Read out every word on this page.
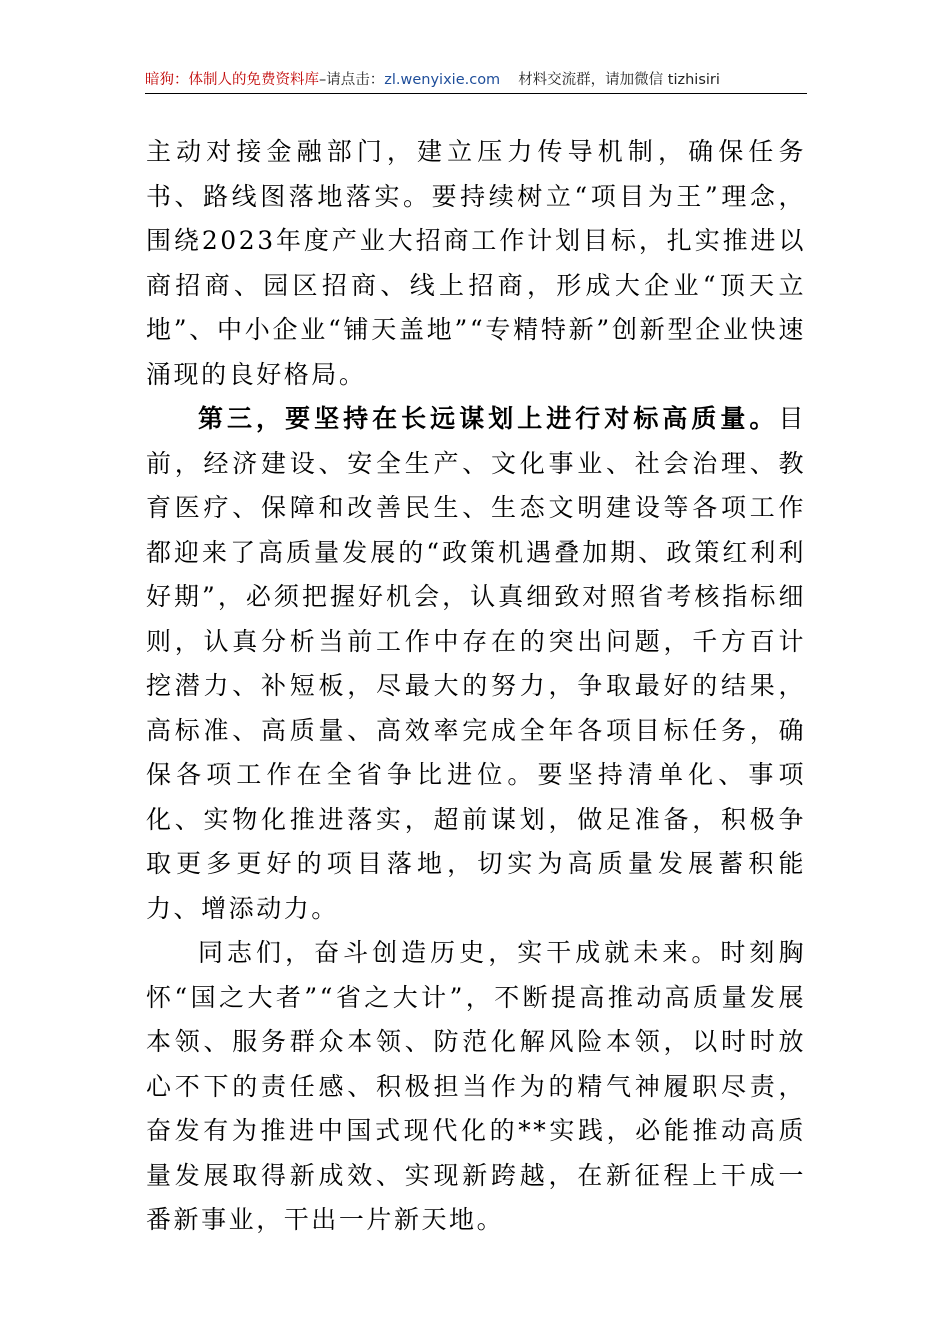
暗狗：体制人的免费资料库–请点击：zl.wenyixie.com 材料交流群，请加微信 tizhisiri

主动对接金融部门，建立压力传导机制，确保任务书、路线图落地落实。要持续树立“项目为王”理念，围绕2023年度产业大招商工作计划目标，扎实推进以商招商、园区招商、线上招商，形成大企业“顶天立地”、中小企业“铺天盖地”“专精特新”创新型企业快速涌现的良好格局。

第三，要坚持在长远谋划上进行对标高质量。目前，经济建设、安全生产、文化事业、社会治理、教育医疗、保障和改善民生、生态文明建设等各项工作都迎来了高质量发展的“政策机遇叠加期、政策红利利好期”，必须把握好机会，认真细致对照省考核指标细则，认真分析当前工作中存在的突出问题，千方百计挖潜力、补短板，尽最大的努力，争取最好的结果，高标准、高质量、高效率完成全年各项目标任务，确保各项工作在全省争比进位。要坚持清单化、事项化、实物化推进落实，超前谋划，做足准备，积极争取更多更好的项目落地，切实为高质量发展蓄积能力、增添动力。

同志们，奋斗创造历史，实干成就未来。时刻胸怀“国之大者”“省之大计”，不断提高推动高质量发展本领、服务群众本领、防范化解风险本领，以时时放心不下的责任感、积极担当作为的精气神履职尽责，奋发有为推进中国式现代化的**实践，必能推动高质量发展取得新成效、实现新跨越，在新征程上干成一番新事业，干出一片新天地。
